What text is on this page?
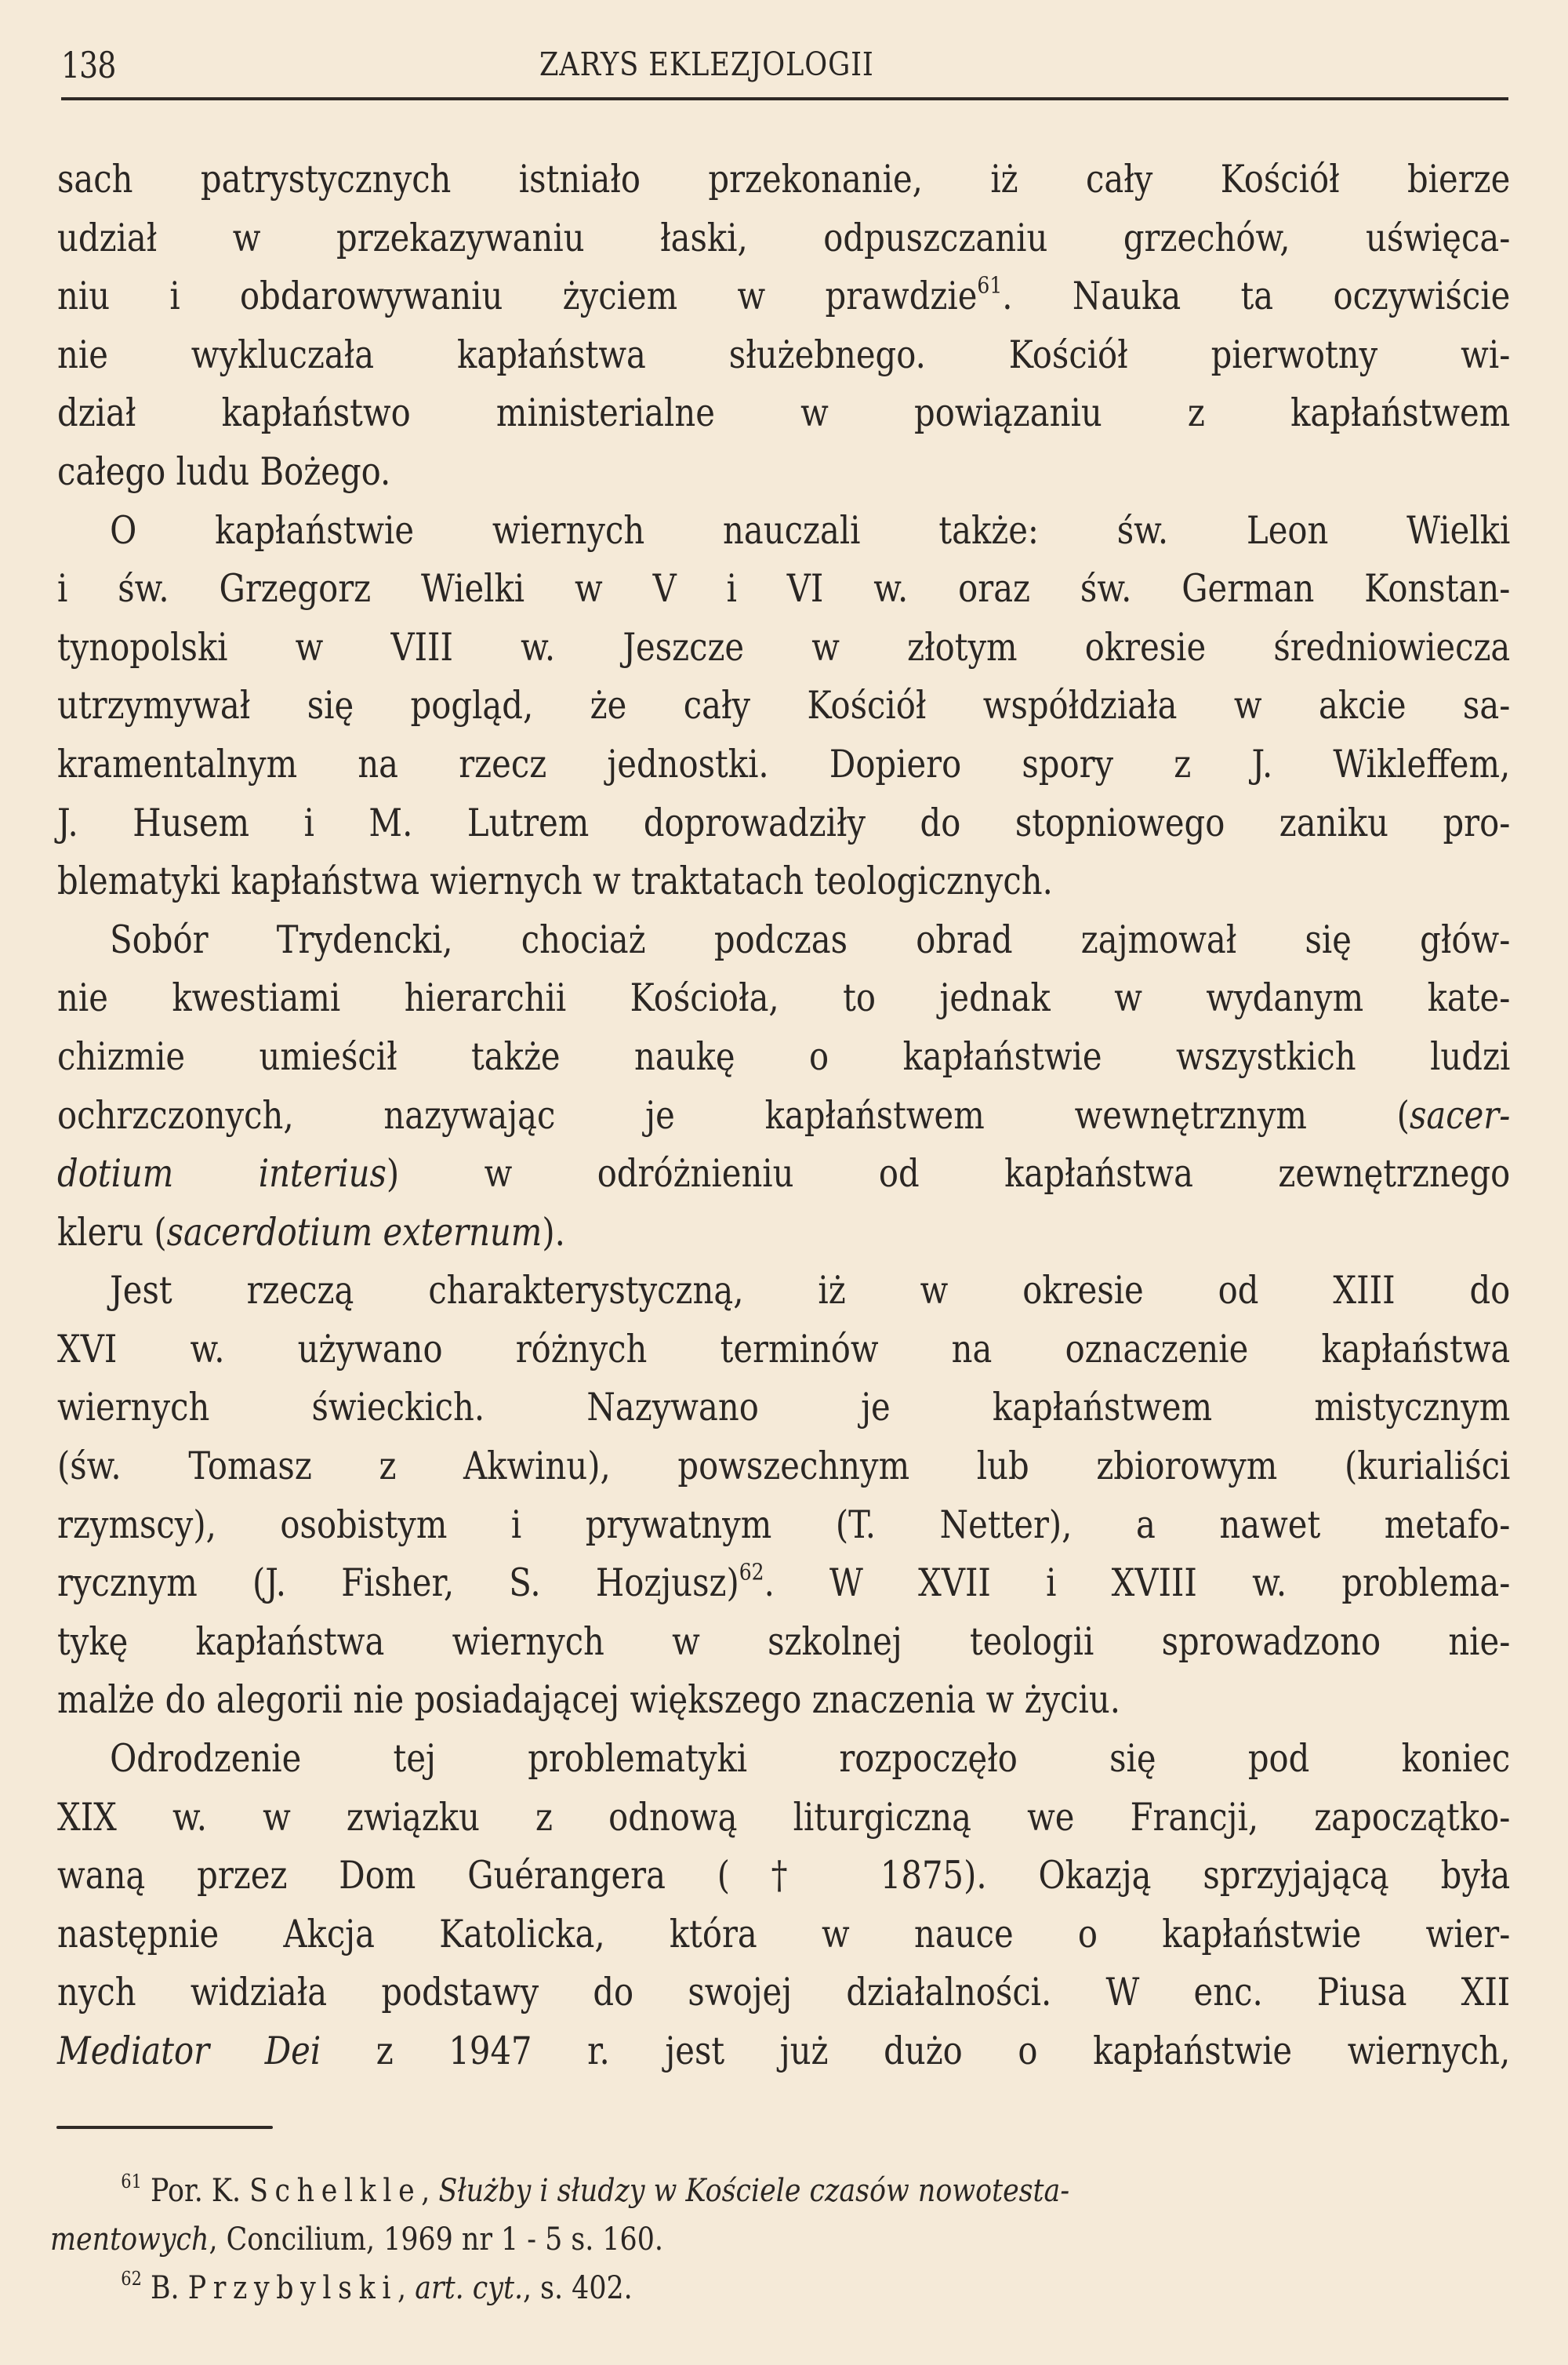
138	ZARYS EKLEZJOLOGII
sach patrystycznych istniało przekonanie, iż cały Kościół bierze
udział w przekazywaniu łaski, odpuszczaniu grzechów, uświęca-
niu i obdarowywaniu życiem w prawdzie$^{61}$. Nauka ta oczywiście
nie wykluczała kapłaństwa służebnego. Kościół pierwotny wi-
dział kapłaństwo ministerialne w powiązaniu z kapłaństwem
całego ludu Bożego.
O kapłaństwie wiernych nauczali także: św. Leon Wielki
i św. Grzegorz Wielki w V i VI w. oraz św. German Konstan-
tynopolski w VIII w. Jeszcze w złotym okresie średniowiecza
utrzymywał się pogląd, że cały Kościół współdziała w akcie sa-
kramentalnym na rzecz jednostki. Dopiero spory z J. Wikleffem,
J. Husem i M. Lutrem doprowadziły do stopniowego zaniku pro-
blematyki kapłaństwa wiernych w traktatach teologicznych.
Sobór Trydencki, chociaż podczas obrad zajmował się głów-
nie kwestiami hierarchii Kościoła, to jednak w wydanym kate-
chizmie umieścił także naukę o kapłaństwie wszystkich ludzi
ochrzczonych, nazywając je kapłaństwem wewnętrznym (sacer-
dotium interius) w odróżnieniu od kapłaństwa zewnętrznego
kleru (sacerdotium externum).
Jest rzeczą charakterystyczną, iż w okresie od XIII do
XVI w. używano różnych terminów na oznaczenie kapłaństwa
wiernych świeckich. Nazywano je kapłaństwem mistycznym
(św. Tomasz z Akwinu), powszechnym lub zbiorowym (kurialiści
rzymscy), osobistym i prywatnym (T. Netter), a nawet metafo-
rycznym (J. Fisher, S. Hozjusz)$^{62}$. W XVII i XVIII w. problema-
tykę kapłaństwa wiernych w szkolnej teologii sprowadzono nie-
malże do alegorii nie posiadającej większego znaczenia w życiu.
Odrodzenie tej problematyki rozpoczęło się pod koniec
XIX w. w związku z odnową liturgiczną we Francji, zapoczątko-
waną przez Dom Guérangera († 1875). Okazją sprzyjającą była
następnie Akcja Katolicka, która w nauce o kapłaństwie wier-
nych widziała podstawy do swojej działalności. W enc. Piusa XII
Mediator Dei z 1947 r. jest już dużo o kapłaństwie wiernych,
$^{61}$ Por. K. Schelkle, Służby i słudzy w Kościele czasów nowotesta-
mentowych, Concilium, 1969 nr 1 - 5 s. 160.
$^{62}$ B. Przybylski, art. cyt., s. 402.
